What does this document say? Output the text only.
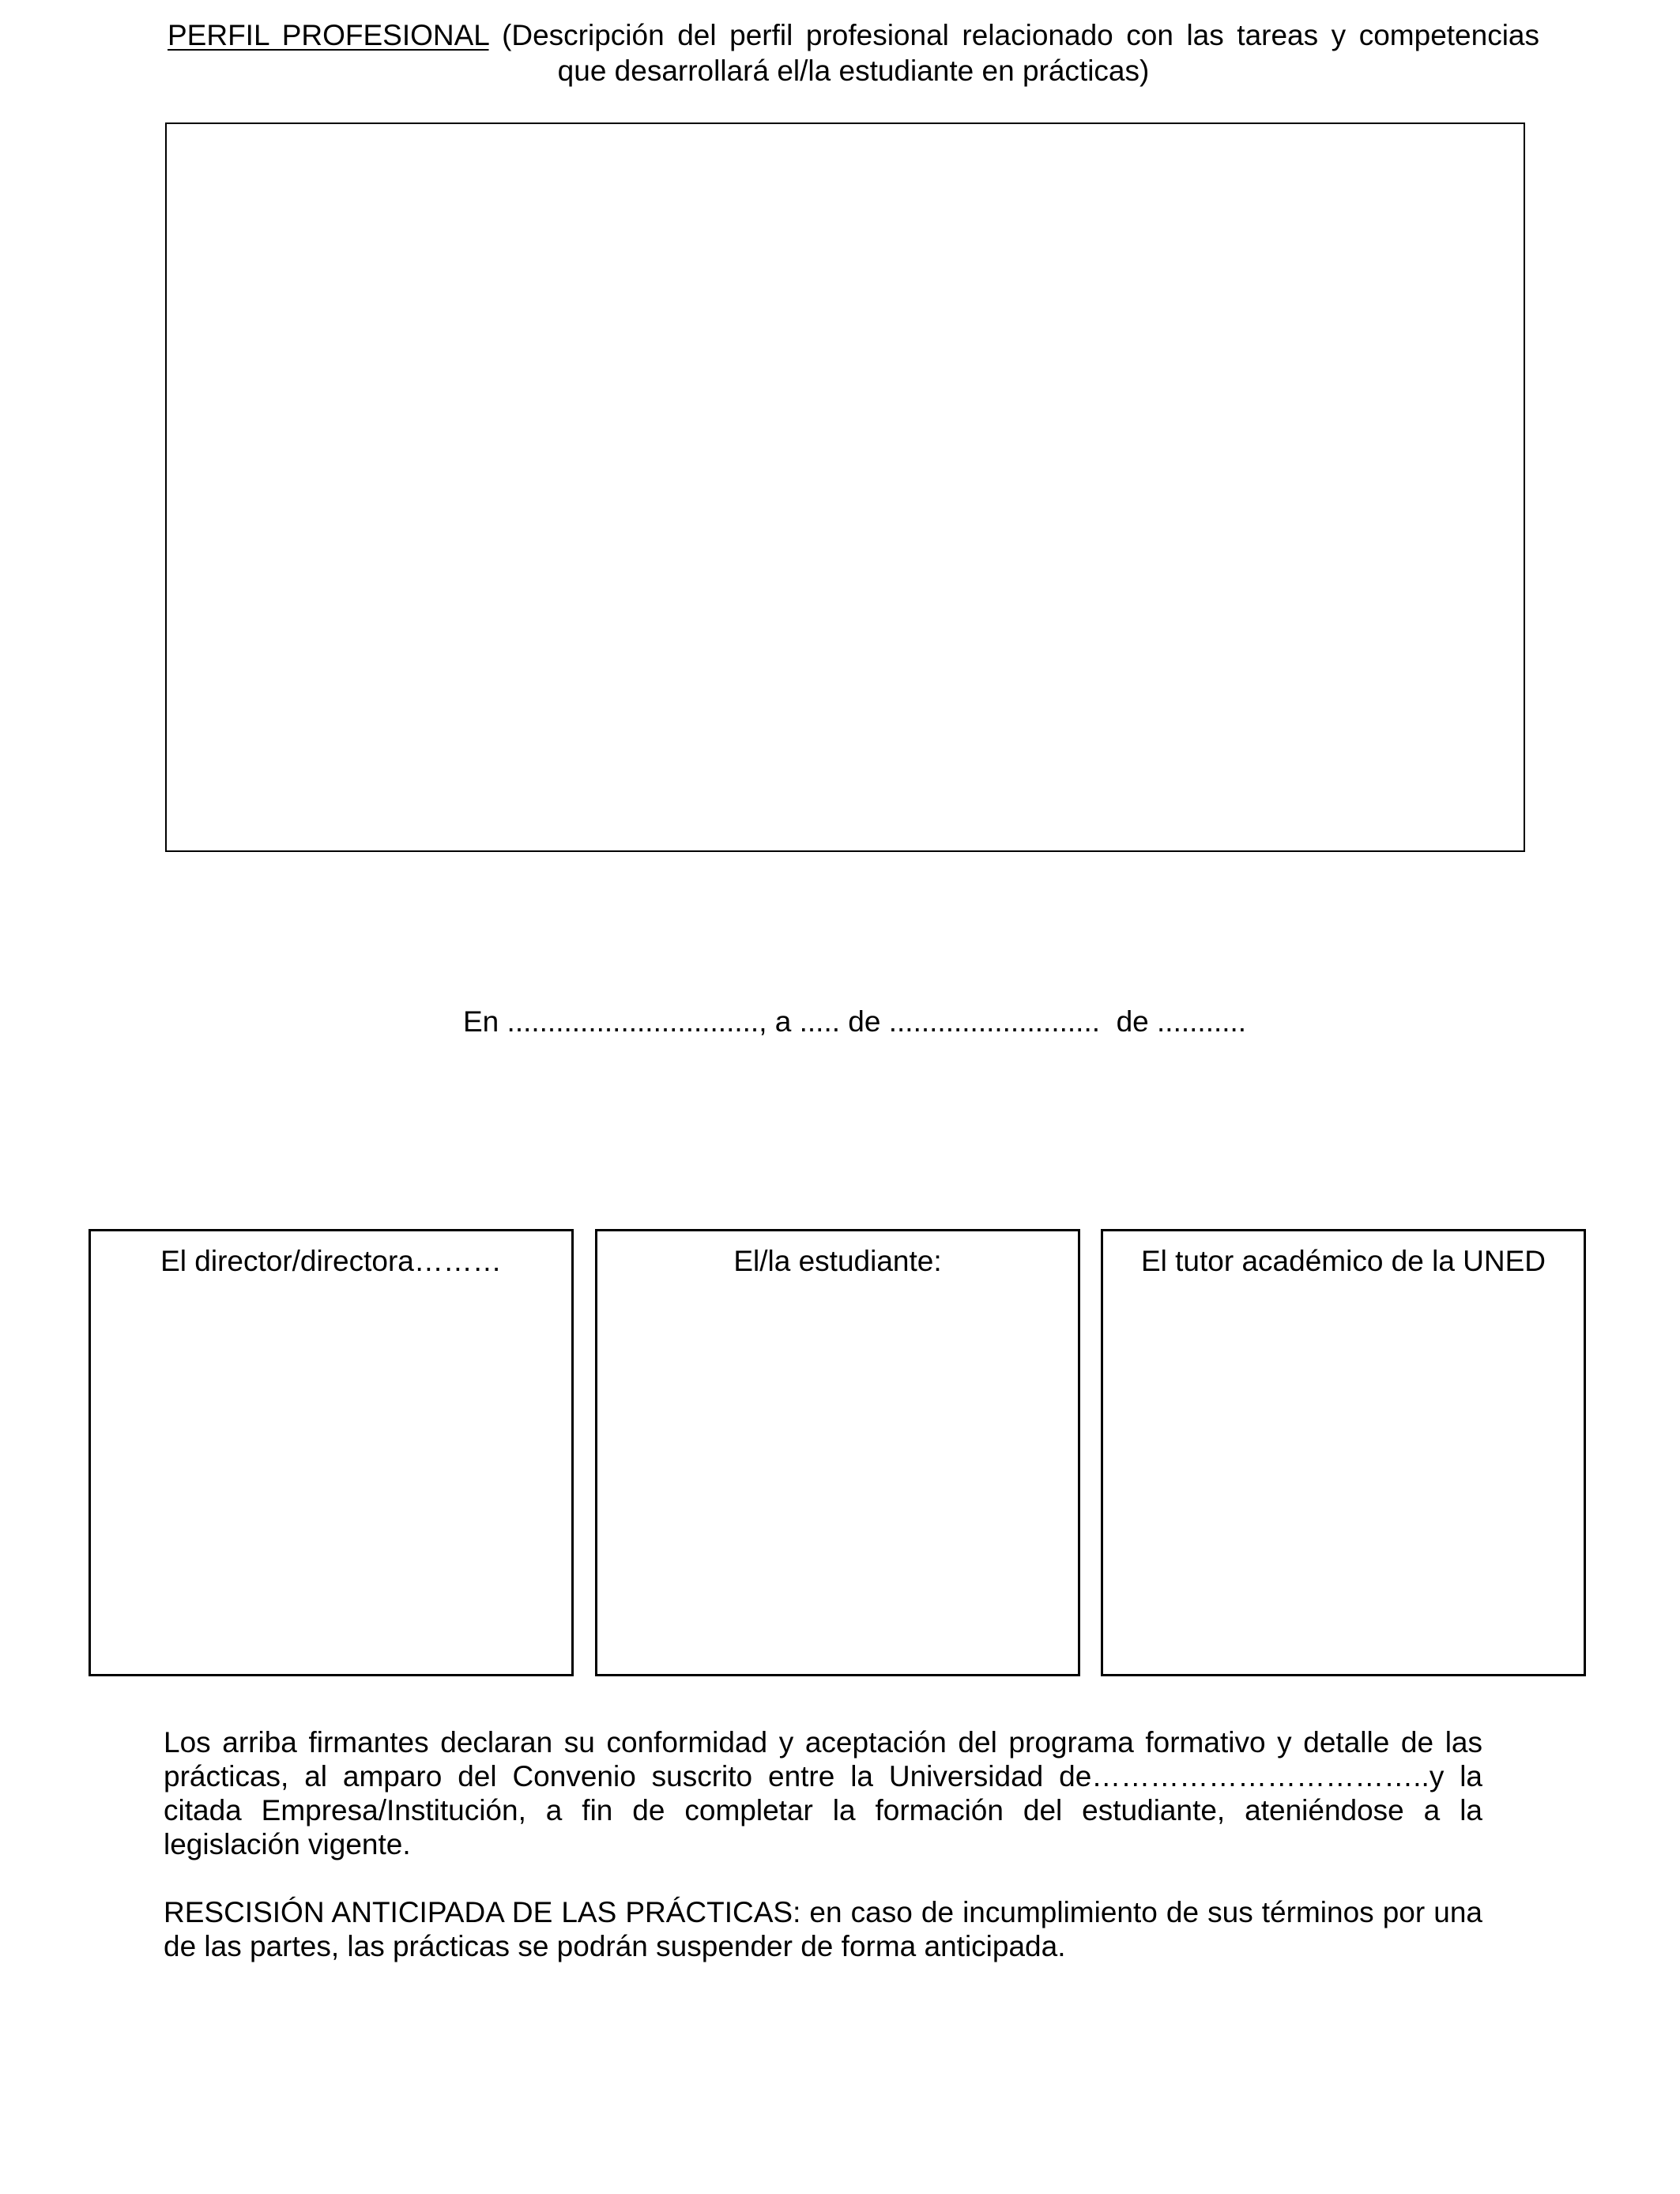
PERFIL PROFESIONAL (Descripción del perfil profesional relacionado con las tareas y competencias que desarrollará el/la estudiante en prácticas)
En ..............................., a ..... de ..........................  de ...........
El director/directora………	El/la estudiante:	El tutor académico de la UNED
Los arriba firmantes declaran su conformidad y aceptación del programa formativo y detalle de las prácticas, al amparo del Convenio suscrito entre la Universidad de……………………………..y la citada Empresa/Institución, a fin de completar la formación del estudiante, ateniéndose a la legislación vigente.
RESCISIÓN ANTICIPADA DE LAS PRÁCTICAS: en caso de incumplimiento de sus términos por una de las partes, las prácticas se podrán suspender de forma anticipada.
